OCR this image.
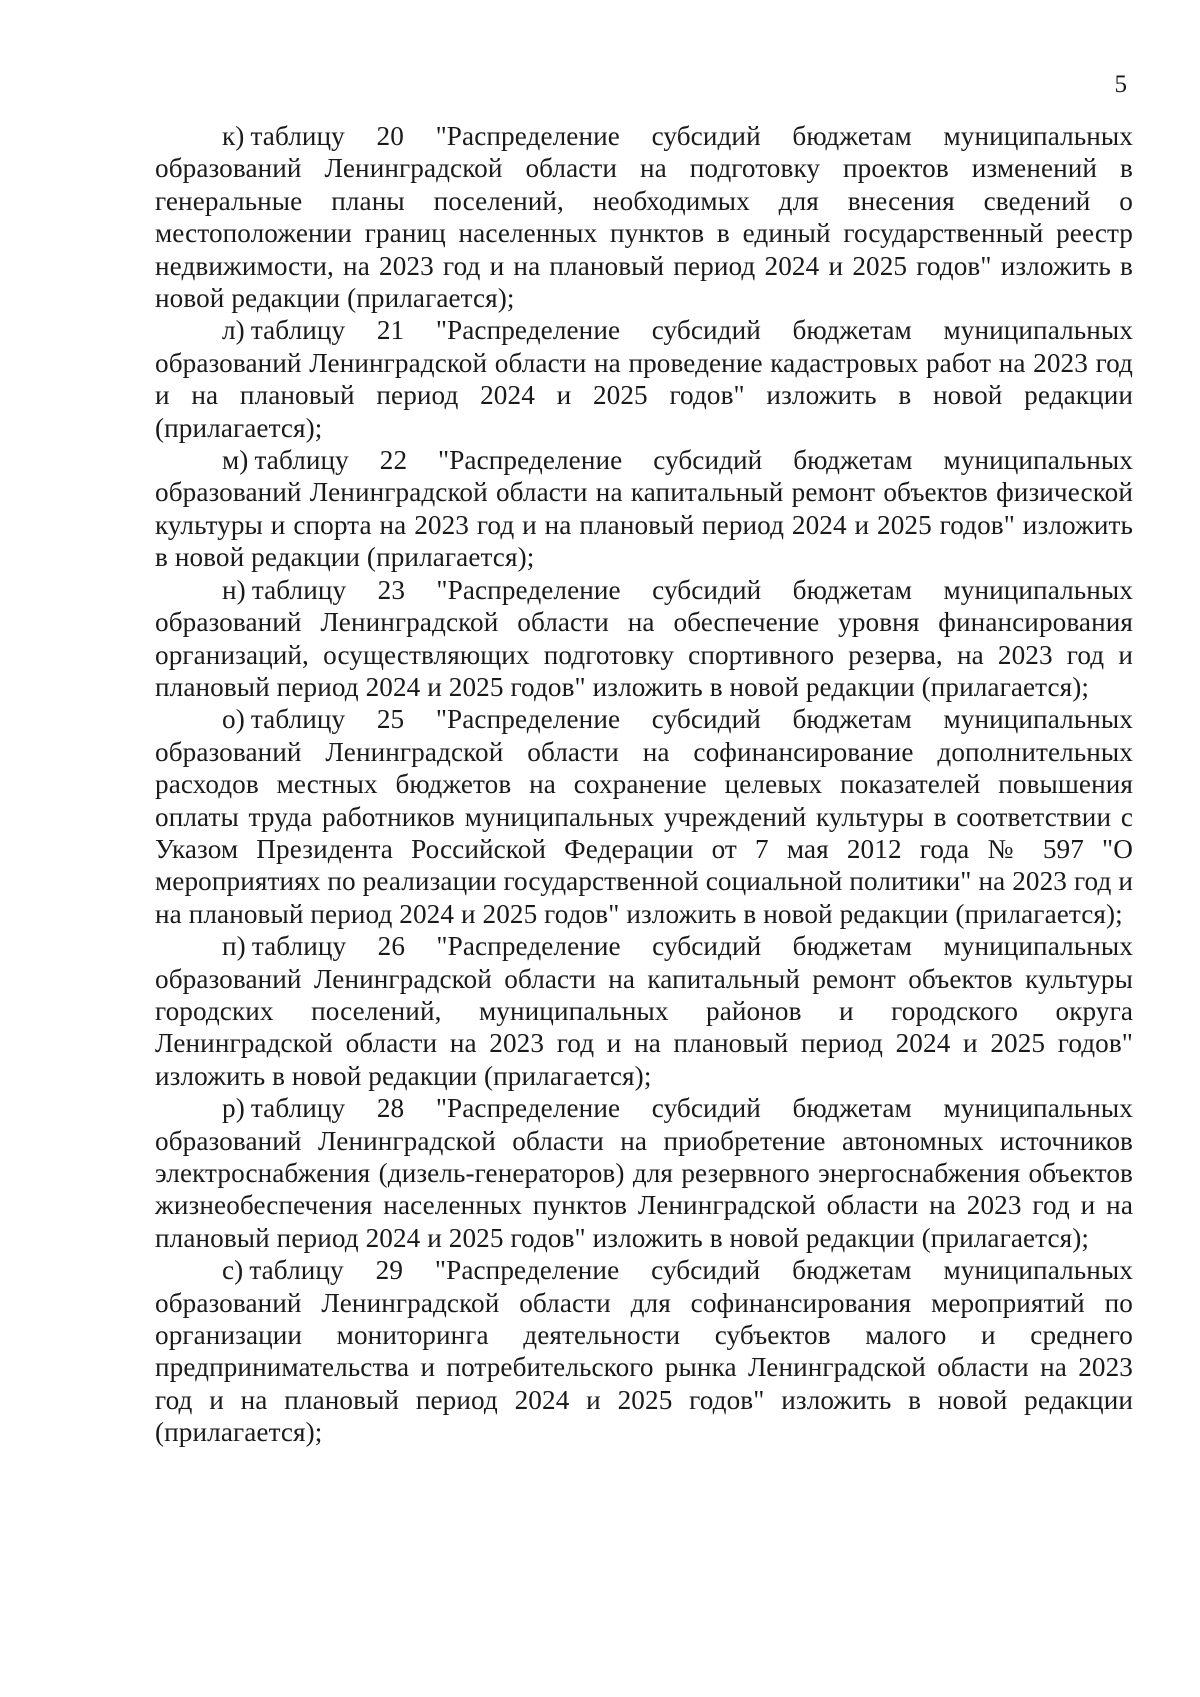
5

к) таблицу 20 "Распределение субсидий бюджетам муниципальных образований Ленинградской области на подготовку проектов изменений в генеральные планы поселений, необходимых для внесения сведений о местоположении границ населенных пунктов в единый государственный реестр недвижимости, на 2023 год и на плановый период 2024 и 2025 годов" изложить в новой редакции (прилагается);

л) таблицу 21 "Распределение субсидий бюджетам муниципальных образований Ленинградской области на проведение кадастровых работ на 2023 год и на плановый период 2024 и 2025 годов" изложить в новой редакции (прилагается);

м) таблицу 22 "Распределение субсидий бюджетам муниципальных образований Ленинградской области на капитальный ремонт объектов физической культуры и спорта на 2023 год и на плановый период 2024 и 2025 годов" изложить в новой редакции (прилагается);

н) таблицу 23 "Распределение субсидий бюджетам муниципальных образований Ленинградской области на обеспечение уровня финансирования организаций, осуществляющих подготовку спортивного резерва, на 2023 год и плановый период 2024 и 2025 годов" изложить в новой редакции (прилагается);

о) таблицу 25 "Распределение субсидий бюджетам муниципальных образований Ленинградской области на софинансирование дополнительных расходов местных бюджетов на сохранение целевых показателей повышения оплаты труда работников муниципальных учреждений культуры в соответствии с Указом Президента Российской Федерации от 7 мая 2012 года № 597 "О мероприятиях по реализации государственной социальной политики" на 2023 год и на плановый период 2024 и 2025 годов" изложить в новой редакции (прилагается);

п) таблицу 26 "Распределение субсидий бюджетам муниципальных образований Ленинградской области на капитальный ремонт объектов культуры городских поселений, муниципальных районов и городского округа Ленинградской области на 2023 год и на плановый период 2024 и 2025 годов" изложить в новой редакции (прилагается);

р) таблицу 28 "Распределение субсидий бюджетам муниципальных образований Ленинградской области на приобретение автономных источников электроснабжения (дизель-генераторов) для резервного энергоснабжения объектов жизнеобеспечения населенных пунктов Ленинградской области на 2023 год и на плановый период 2024 и 2025 годов" изложить в новой редакции (прилагается);

с) таблицу 29 "Распределение субсидий бюджетам муниципальных образований Ленинградской области для софинансирования мероприятий по организации мониторинга деятельности субъектов малого и среднего предпринимательства и потребительского рынка Ленинградской области на 2023 год и на плановый период 2024 и 2025 годов" изложить в новой редакции (прилагается);
